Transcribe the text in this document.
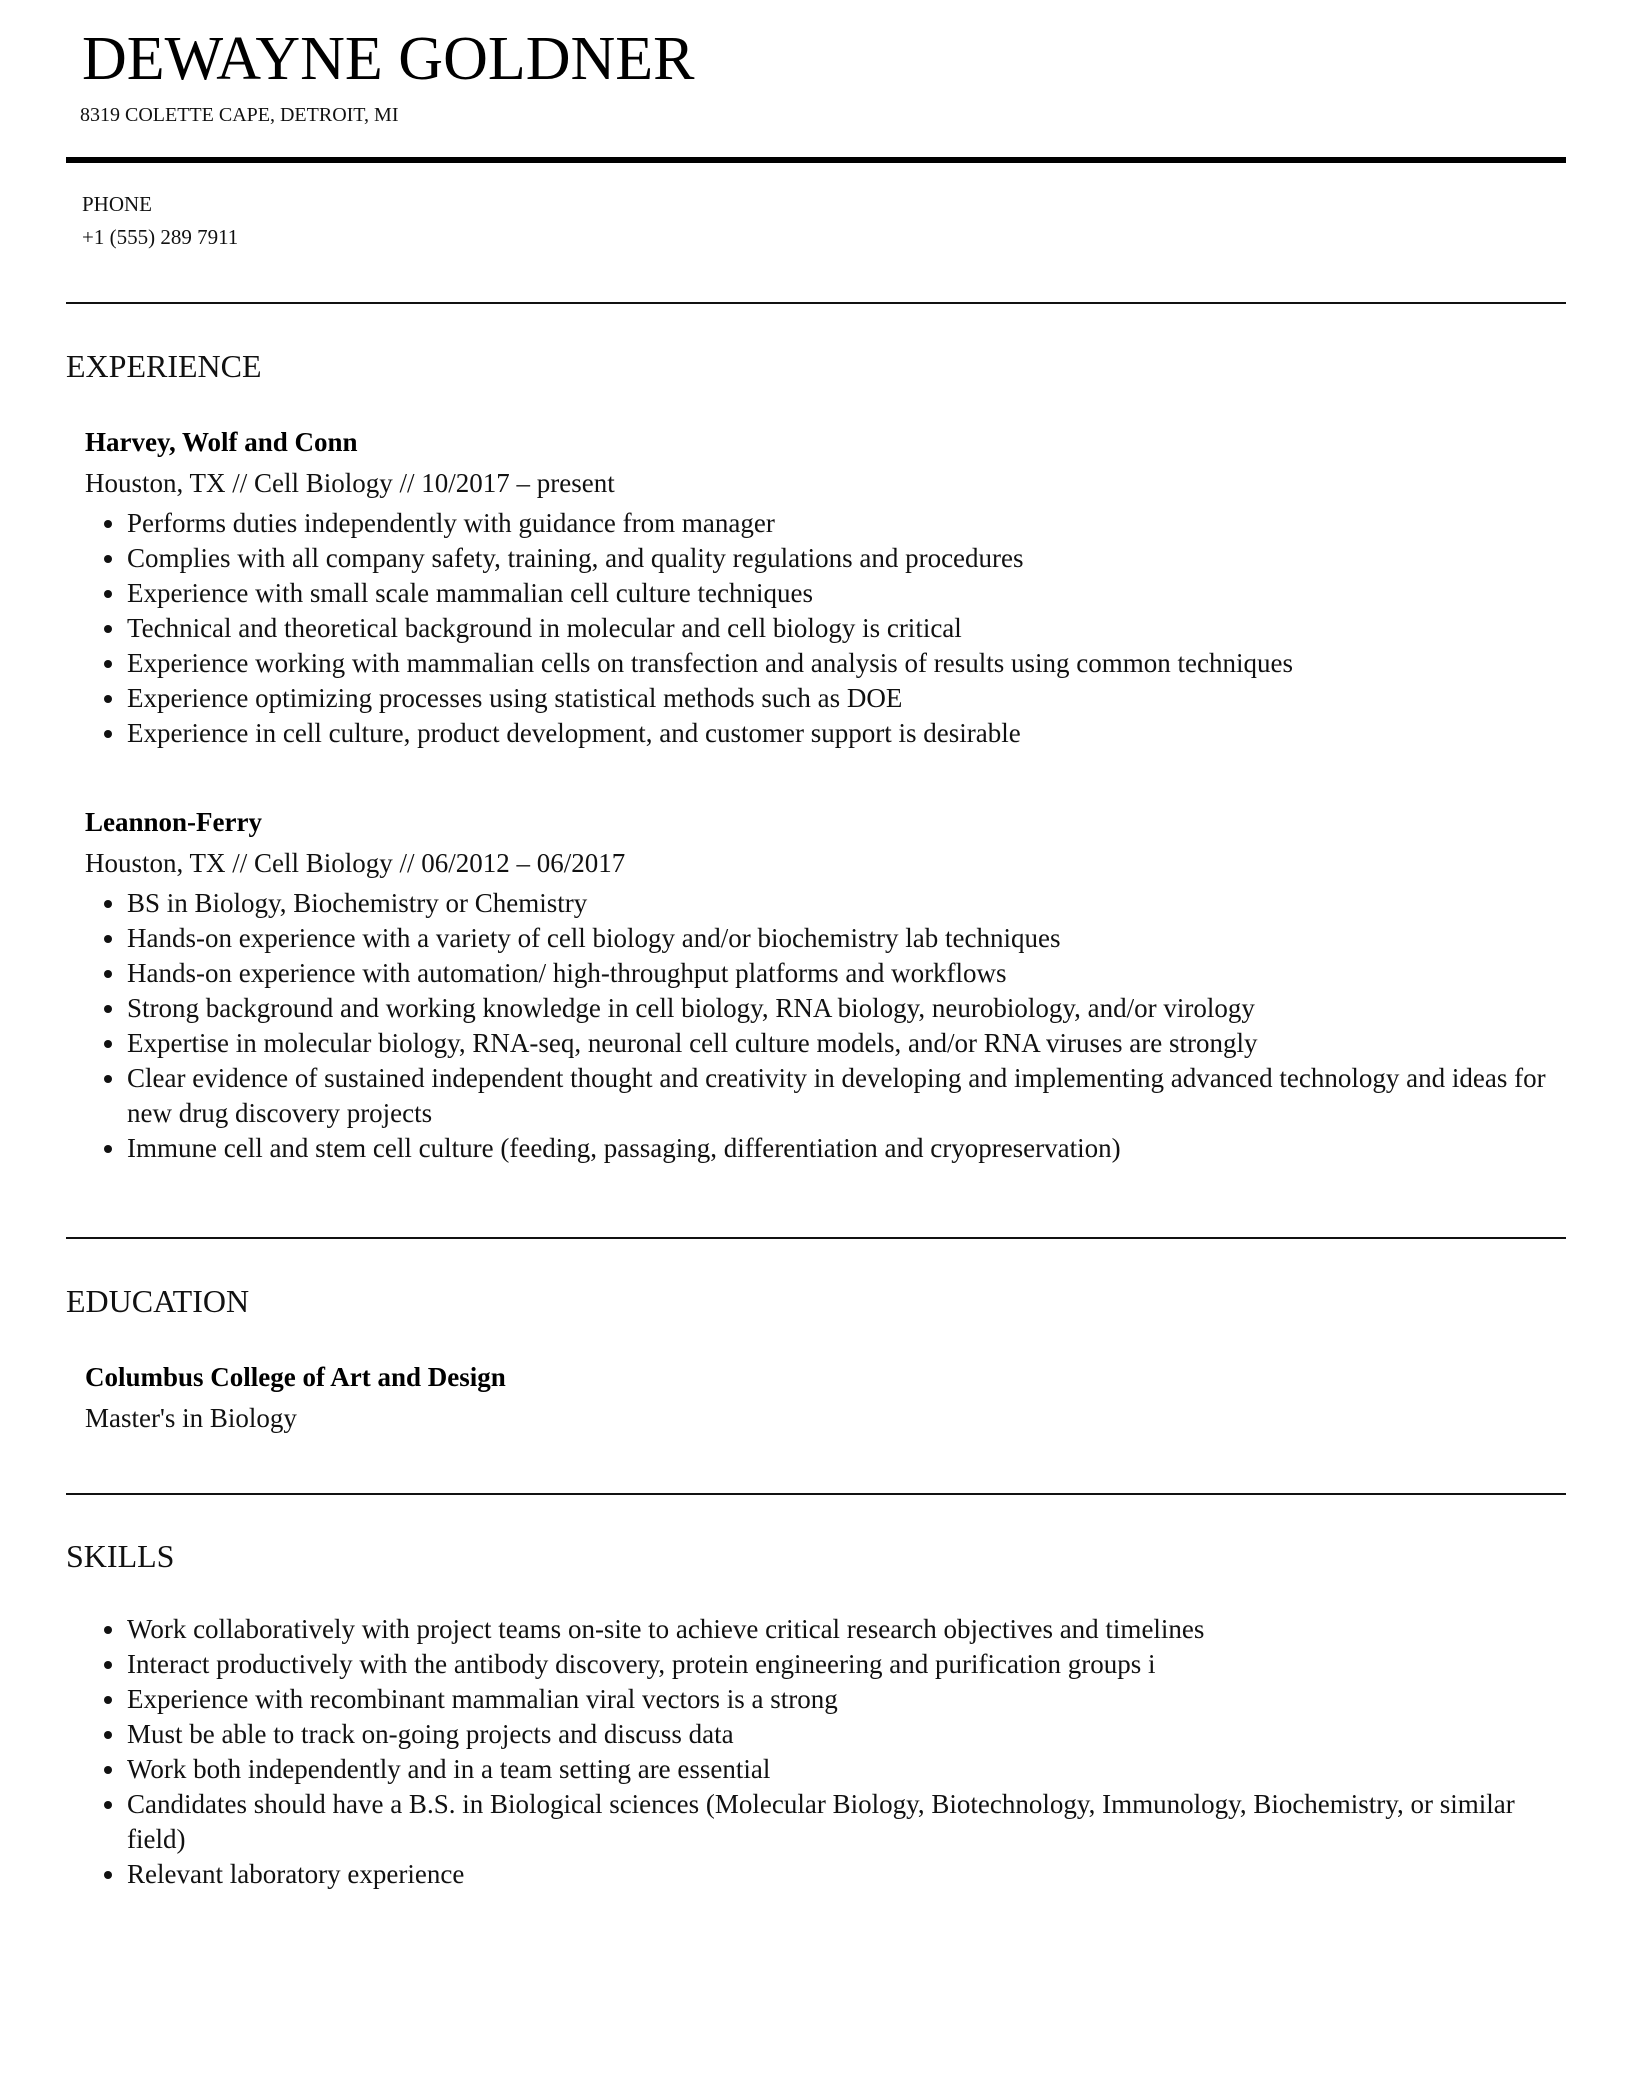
DEWAYNE GOLDNER

8319 COLETTE CAPE, DETROIT, MI

PHONE
+1 (555) 289 7911
EXPERIENCE

Harvey, Wolf and Conn

Houston, TX // Cell Biology // 10/2017 – present

• Performs duties independently with guidance from manager
• Complies with all company safety, training, and quality regulations and procedures
• Experience with small scale mammalian cell culture techniques
• Technical and theoretical background in molecular and cell biology is critical
• Experience working with mammalian cells on transfection and analysis of results using common techniques
• Experience optimizing processes using statistical methods such as DOE
• Experience in cell culture, product development, and customer support is desirable

Leannon-Ferry

Houston, TX // Cell Biology // 06/2012 – 06/2017

• BS in Biology, Biochemistry or Chemistry
• Hands-on experience with a variety of cell biology and/or biochemistry lab techniques
• Hands-on experience with automation/ high-throughput platforms and workflows
• Strong background and working knowledge in cell biology, RNA biology, neurobiology, and/or virology
• Expertise in molecular biology, RNA-seq, neuronal cell culture models, and/or RNA viruses are strongly
• Clear evidence of sustained independent thought and creativity in developing and implementing advanced technology and ideas for new drug discovery projects
• Immune cell and stem cell culture (feeding, passaging, differentiation and cryopreservation)
EDUCATION

Columbus College of Art and Design

Master's in Biology

SKILLS
• Work collaboratively with project teams on-site to achieve critical research objectives and timelines
• Interact productively with the antibody discovery, protein engineering and purification groups i
• Experience with recombinant mammalian viral vectors is a strong
• Must be able to track on-going projects and discuss data
• Work both independently and in a team setting are essential
• Candidates should have a B.S. in Biological sciences (Molecular Biology, Biotechnology, Immunology, Biochemistry, or similar field)
• Relevant laboratory experience
